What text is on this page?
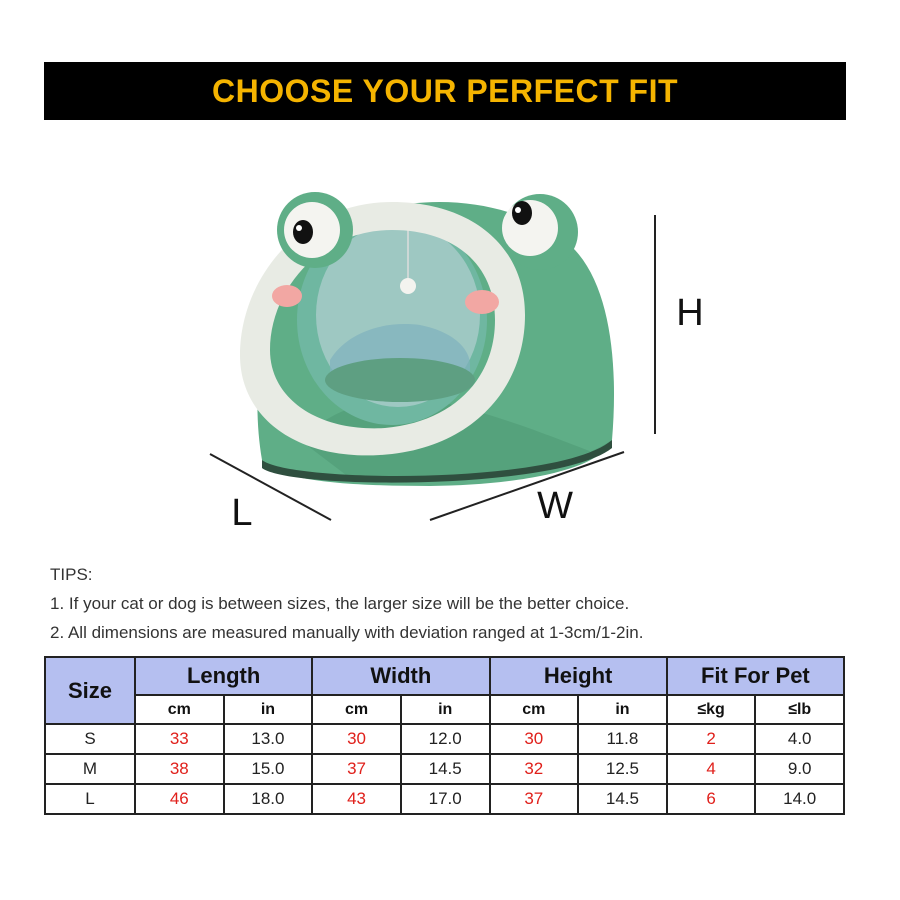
CHOOSE YOUR PERFECT FIT
H
L	W
TIPS:
1. If your cat or dog is between sizes, the larger size will be the better choice.
2. All dimensions are measured manually with deviation ranged at 1-3cm/1-2in.
Size	Length		Width		Height		Fit For Pet	
	cm	in	cm	in	cm	in	≤kg	≤lb
S	33	13.0	30	12.0	30	11.8	2	4.0
M	38	15.0	37	14.5	32	12.5	4	9.0
L	46	18.0	43	17.0	37	14.5	6	14.0
